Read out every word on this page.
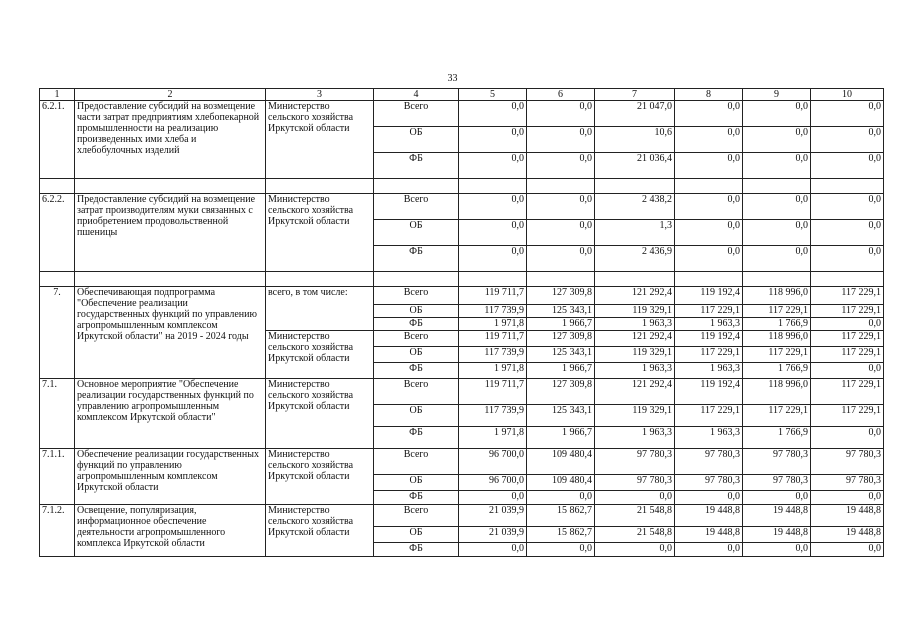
33
1	2	3	4	5	6	7	8	9	10
6.2.1.	Предоставление субсидий на возмещение части затрат предприятиям хлебопекарной промышленности на реализацию произведенных ими хлеба и хлебобулочных изделий	Министерство сельского хозяйства Иркутской области	Всего	0,0	0,0	21 047,0	0,0	0,0	0,0
			ОБ	0,0	0,0	10,6	0,0	0,0	0,0
			ФБ	0,0	0,0	21 036,4	0,0	0,0	0,0

6.2.2.	Предоставление субсидий на возмещение затрат производителям муки связанных с приобретением продовольственной пшеницы	Министерство сельского хозяйства Иркутской области	Всего	0,0	0,0	2 438,2	0,0	0,0	0,0
			ОБ	0,0	0,0	1,3	0,0	0,0	0,0
			ФБ	0,0	0,0	2 436,9	0,0	0,0	0,0

7.	Обеспечивающая подпрограмма "Обеспечение реализации государственных функций по управлению агропромышленным комплексом Иркутской области" на 2019 - 2024 годы	всего, в том числе:	Всего	119 711,7	127 309,8	121 292,4	119 192,4	118 996,0	117 229,1
			ОБ	117 739,9	125 343,1	119 329,1	117 229,1	117 229,1	117 229,1
			ФБ	1 971,8	1 966,7	1 963,3	1 963,3	1 766,9	0,0
		Министерство сельского хозяйства Иркутской области	Всего	119 711,7	127 309,8	121 292,4	119 192,4	118 996,0	117 229,1
			ОБ	117 739,9	125 343,1	119 329,1	117 229,1	117 229,1	117 229,1
			ФБ	1 971,8	1 966,7	1 963,3	1 963,3	1 766,9	0,0
7.1.	Основное мероприятие "Обеспечение реализации государственных функций по управлению агропромышленным комплексом Иркутской области"	Министерство сельского хозяйства Иркутской области	Всего	119 711,7	127 309,8	121 292,4	119 192,4	118 996,0	117 229,1
			ОБ	117 739,9	125 343,1	119 329,1	117 229,1	117 229,1	117 229,1
			ФБ	1 971,8	1 966,7	1 963,3	1 963,3	1 766,9	0,0
7.1.1.	Обеспечение реализации государственных функций по управлению агропромышленным комплексом Иркутской области	Министерство сельского хозяйства Иркутской области	Всего	96 700,0	109 480,4	97 780,3	97 780,3	97 780,3	97 780,3
			ОБ	96 700,0	109 480,4	97 780,3	97 780,3	97 780,3	97 780,3
			ФБ	0,0	0,0	0,0	0,0	0,0	0,0
7.1.2.	Освещение, популяризация, информационное обеспечение деятельности агропромышленного комплекса Иркутской области	Министерство сельского хозяйства Иркутской области	Всего	21 039,9	15 862,7	21 548,8	19 448,8	19 448,8	19 448,8
			ОБ	21 039,9	15 862,7	21 548,8	19 448,8	19 448,8	19 448,8
			ФБ	0,0	0,0	0,0	0,0	0,0	0,0
